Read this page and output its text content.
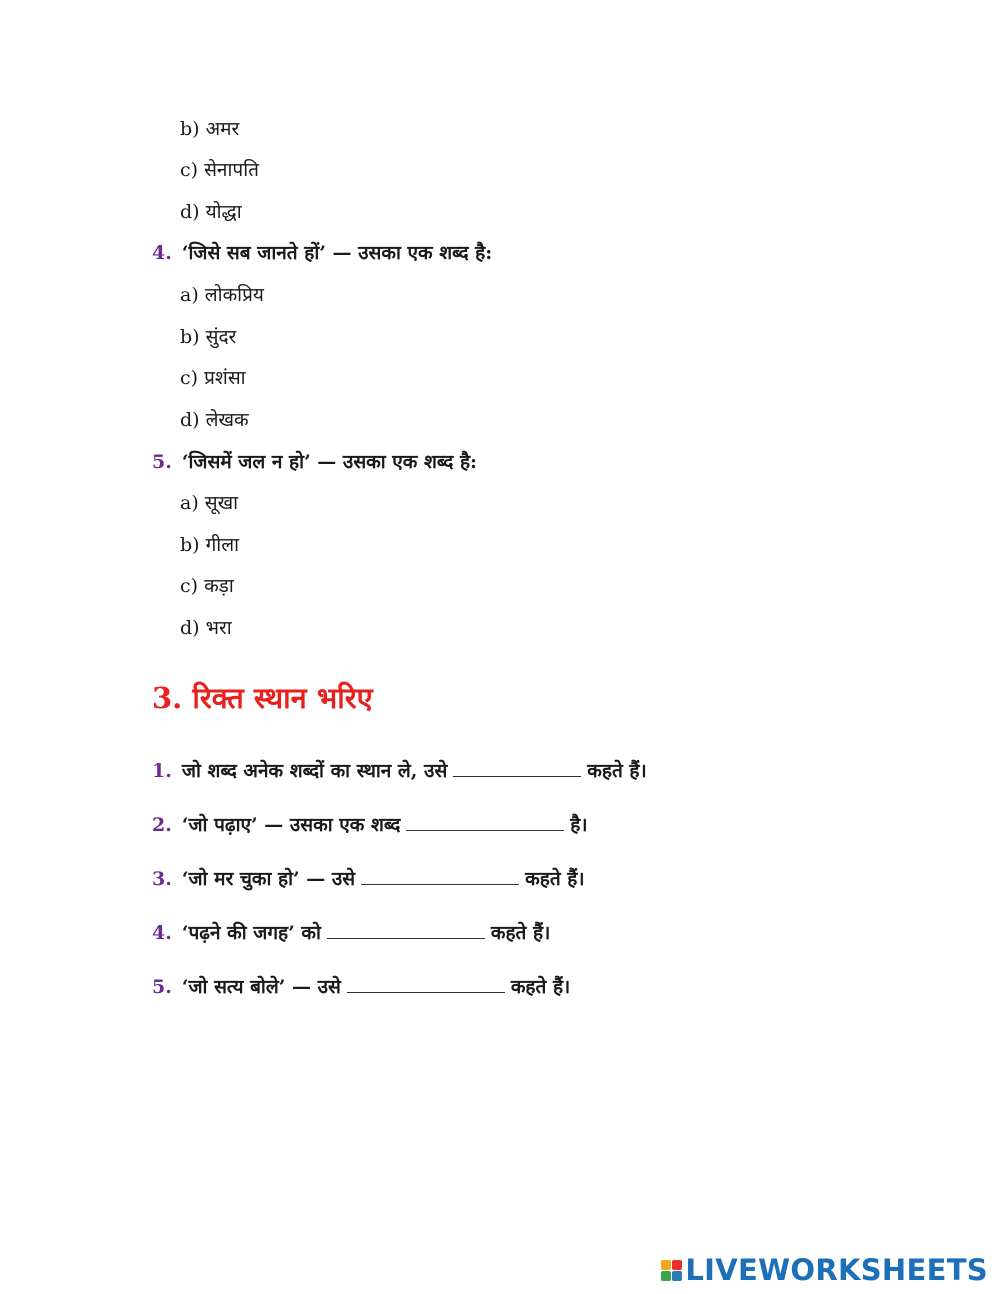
b) अमर
c) सेनापति
d) योद्धा
4. ‘जिसे सब जानते हों’ — उसका एक शब्द है:
a) लोकप्रिय
b) सुंदर
c) प्रशंसा
d) लेखक
5. ‘जिसमें जल न हो’ — उसका एक शब्द है:
a) सूखा
b) गीला
c) कड़ा
d) भरा
3. रिक्त स्थान भरिए
1. जो शब्द अनेक शब्दों का स्थान ले, उसे	कहते हैं।
2. ‘जो पढ़ाए’ — उसका एक शब्द	है।
3. ‘जो मर चुका हो’ — उसे	कहते हैं।
4. ‘पढ़ने की जगह’ को	कहते हैं।
5. ‘जो सत्य बोले’ — उसे	कहते हैं।
LIVEWORKSHEETS
